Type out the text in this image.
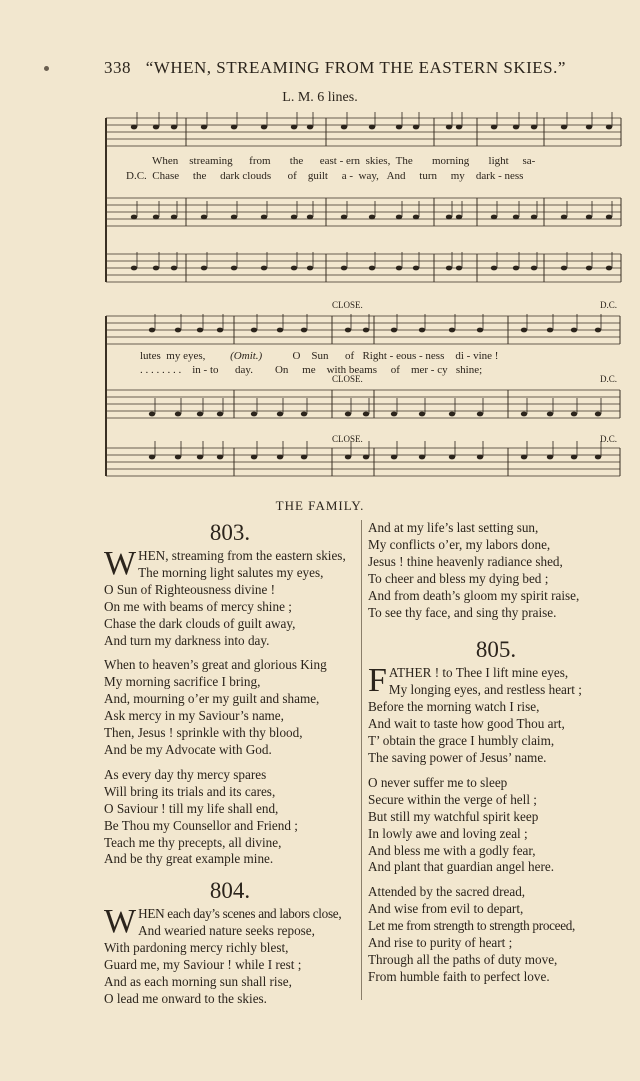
338 “WHEN, STREAMING FROM THE EASTERN SKIES.”
L. M. 6 lines.
When streaming from the east - ern skies, The morning light sa-
D.C. Chase the dark clouds of guilt a - way, And turn my dark - ness
lutes my eyes, (Omit.)	O Sun of Right - eous - ness di - vine !
. . . . . . . . in - to day. On me with beams of mer - cy shine;
CLOSE.
CLOSE.
CLOSE.
D.C.
D.C.
D.C.
THE FAMILY.
803.
W HEN, streaming from the eastern skies,

The morning light salutes my eyes,

O Sun of Righteousness divine !

On me with beams of mercy shine ;

Chase the dark clouds of guilt away,

And turn my darkness into day.

When to heaven’s great and glorious King

My morning sacrifice I bring,

And, mourning o’er my guilt and shame,

Ask mercy in my Saviour’s name,

Then, Jesus ! sprinkle with thy blood,

And be my Advocate with God.

As every day thy mercy spares

Will bring its trials and its cares,

O Saviour ! till my life shall end,

Be Thou my Counsellor and Friend ;

Teach me thy precepts, all divine,

And be thy great example mine.

804.
W HEN each day’s scenes and labors close,

And wearied nature seeks repose,

With pardoning mercy richly blest,

Guard me, my Saviour ! while I rest ;

And as each morning sun shall rise,

O lead me onward to the skies.

And at my life’s last setting sun,

My conflicts o’er, my labors done,

Jesus ! thine heavenly radiance shed,

To cheer and bless my dying bed ;

And from death’s gloom my spirit raise,

To see thy face, and sing thy praise.

805.
F ATHER ! to Thee I lift mine eyes,

My longing eyes, and restless heart ;

Before the morning watch I rise,

And wait to taste how good Thou art,

T’ obtain the grace I humbly claim,

The saving power of Jesus’ name.

O never suffer me to sleep

Secure within the verge of hell ;

But still my watchful spirit keep

In lowly awe and loving zeal ;

And bless me with a godly fear,

And plant that guardian angel here.

Attended by the sacred dread,

And wise from evil to depart,

Let me from strength to strength proceed,

And rise to purity of heart ;

Through all the paths of duty move,

From humble faith to perfect love.
